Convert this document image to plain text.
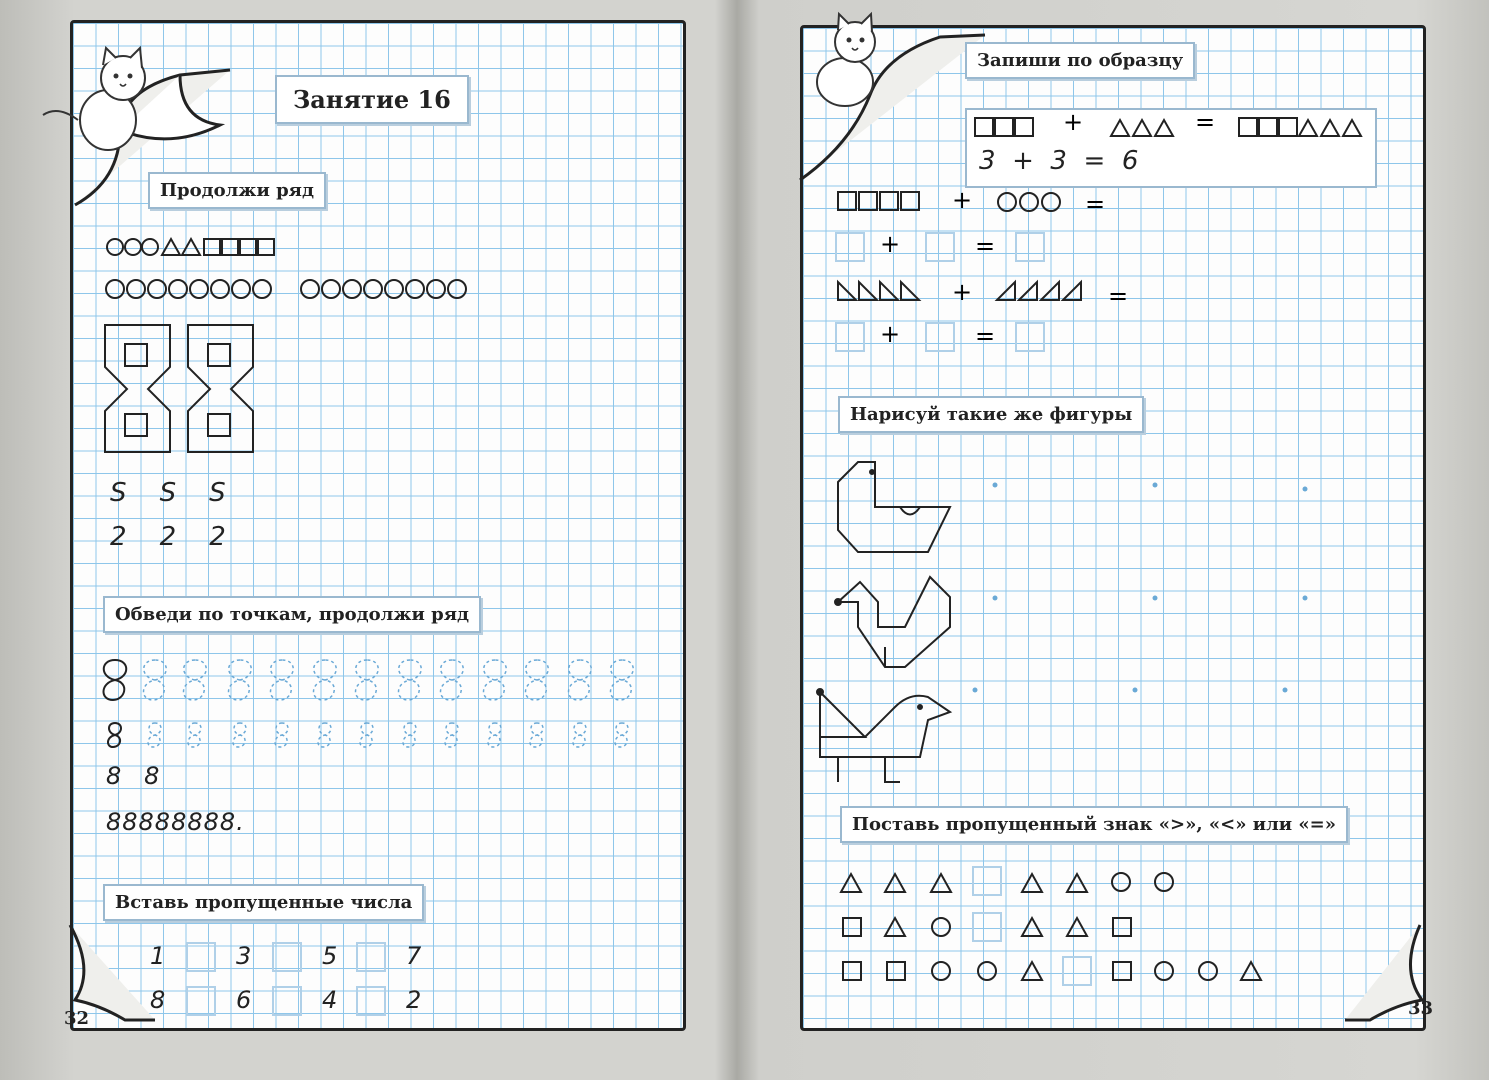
Занятие 16
Продолжи ряд
S S S
2 2 2
Обведи по точкам, продолжи ряд
8 8
88888888.
Вставь пропущенные числа
1	3	5	7
8	6	4	2
32
Запиши по образцу
+	=
3 + 3 = 6
+	=
+	=
+	=
+	=
Нарисуй такие же фигуры
Поставь пропущенный знак «>», «<» или «=»
33
